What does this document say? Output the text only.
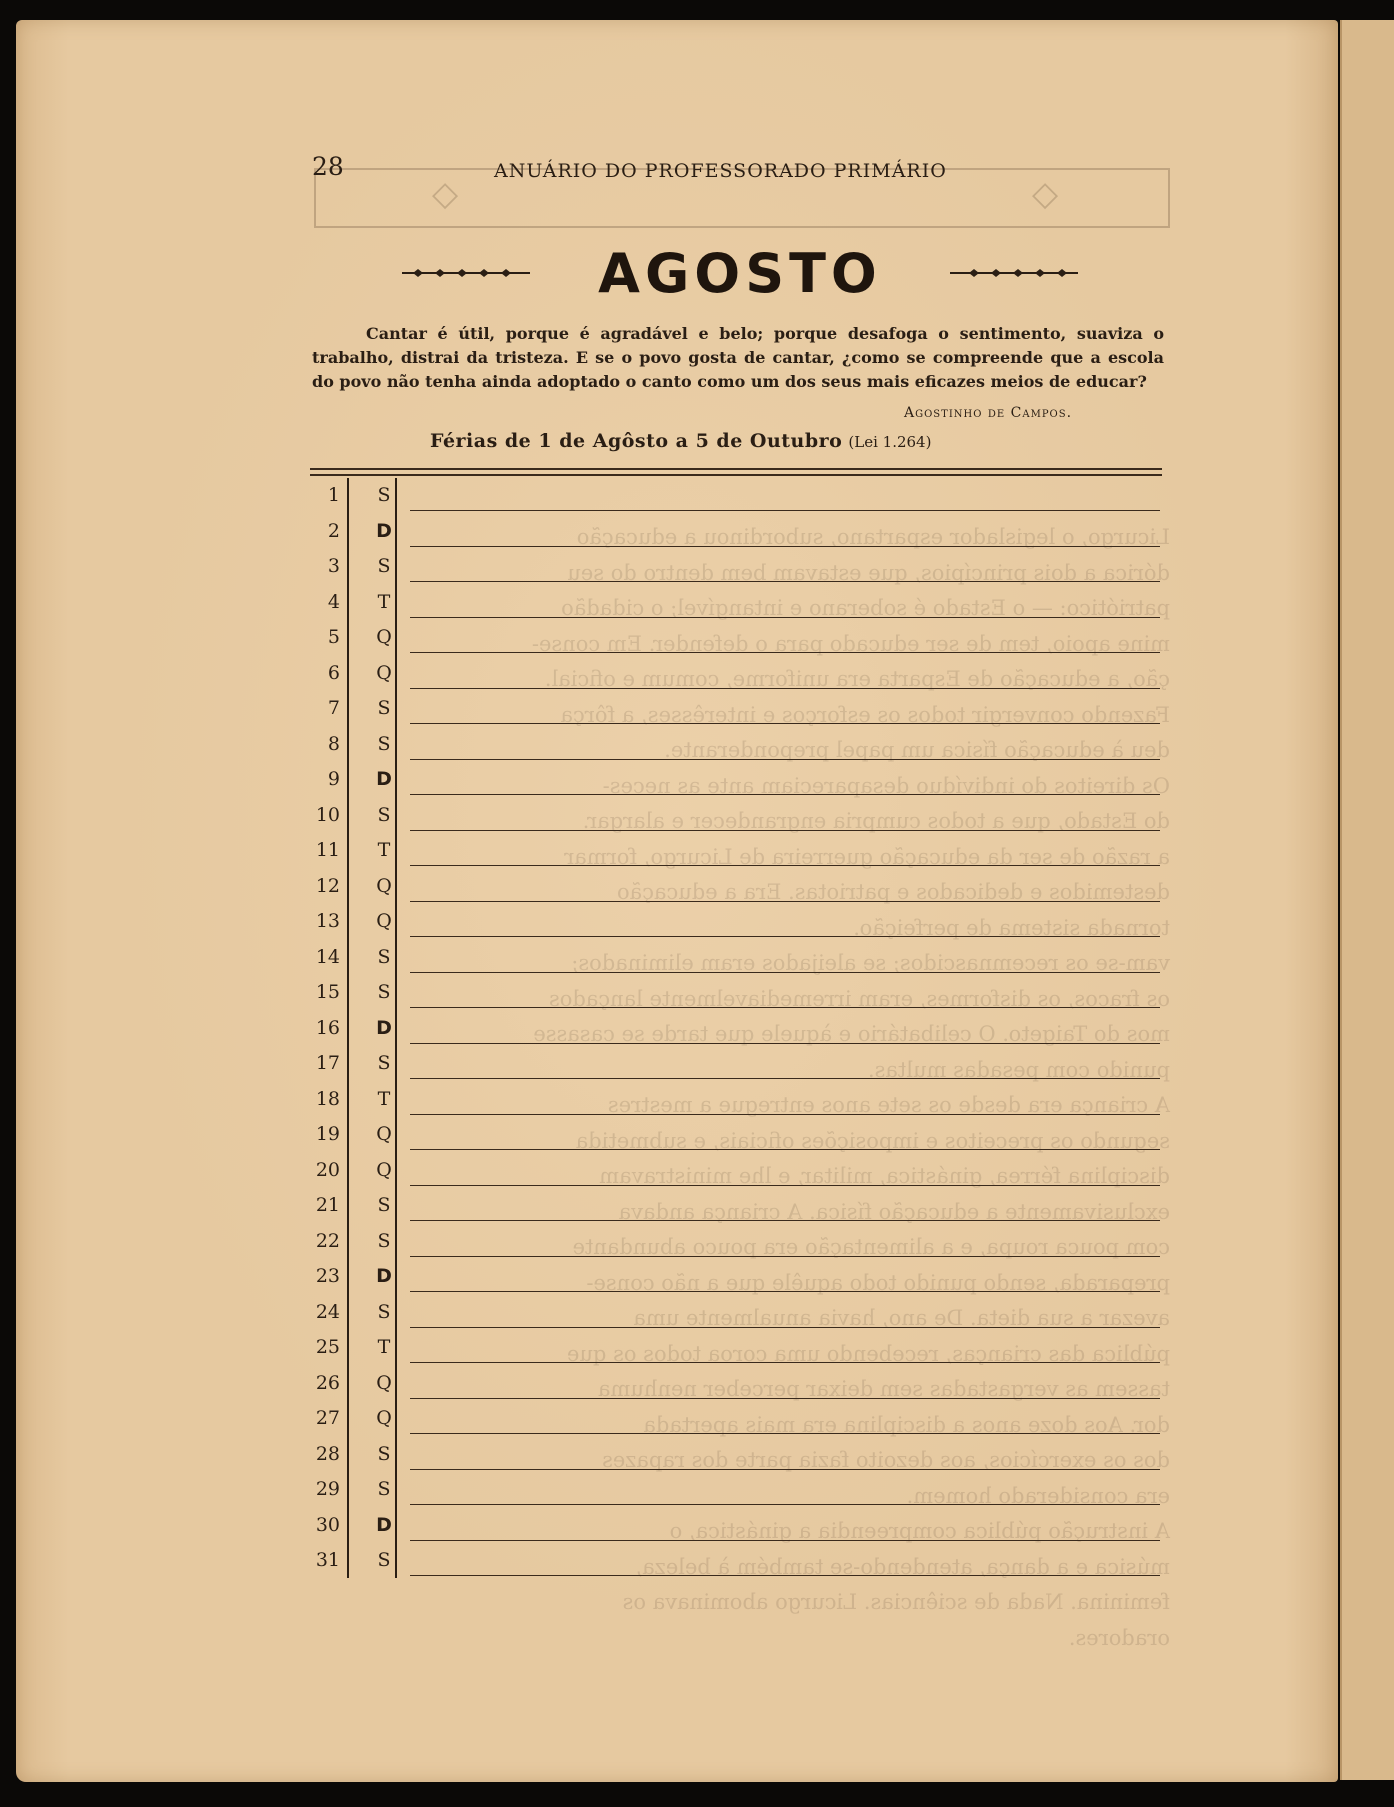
◇	◇
28	ANUÁRIO DO PROFESSORADO PRIMÁRIO
AGOSTO
Cantar é útil, porque é agradável e belo; porque desafoga o sentimento, suaviza o trabalho, distrai da tristeza. E se o povo gosta de cantar, ¿como se compreende que a escola do povo não tenha ainda adoptado o canto como um dos seus mais eficazes meios de educar?
Agostinho de Campos.
Férias de 1 de Agôsto a 5 de Outubro (Lei 1.264)
Licurgo, o legislador espartano, subordinou a educação
dórica a dois princípios, que estavam bem dentro do seu
patriótico: — o Estado é soberano e intangível; o cidadão
mine apoio, tem de ser educado para o defender. Em conse-
ção, a educação de Esparta era uniforme, comum e oficial.
Fazendo convergir todos os esforços e interêsses, a fôrça
deu à educação física um papel preponderante.
Os direitos do indivíduo desapareciam ante as neces-
do Estado, que a todos cumpria engrandecer e alargar.
a razão de ser da educação guerreira de Licurgo, formar
destemidos e dedicados e patriotas. Era a educação
tornada sistema de perfeição.
vam-se os recemnascidos; se aleijados eram eliminados;
os fracos, os disformes, eram irremediavelmente lançados
mos do Taigeto. O celibatário e àquele que tarde se casasse
punido com pesadas multas.
A criança era desde os sete anos entregue a mestres
segundo os preceitos e imposições oficiais, e submetida
disciplina férrea, ginástica, militar, e lhe ministravam
exclusivamente a educação física. A criança andava
com pouca roupa, e a alimentação era pouco abundante
preparada, sendo punido todo aquêle que a não conse-
avezar a sua dieta. De ano, havia anualmente uma
pública das crianças, recebendo uma coroa todos os que
tassem as vergastadas sem deixar perceber nenhuma
dor. Aos doze anos a disciplina era mais apertada
dos os exercícios, aos dezoito fazia parte dos rapazes
era considerado homem.
A instrução pública compreendia a ginástica, o
música e a dança, atendendo-se também à beleza,
feminina. Nada de sciências. Licurgo abominava os
oradores.
1	S
2	D
3	S
4	T
5	Q
6	Q
7	S
8	S
9	D
10	S
11	T
12	Q
13	Q
14	S
15	S
16	D
17	S
18	T
19	Q
20	Q
21	S
22	S
23	D
24	S
25	T
26	Q
27	Q
28	S
29	S
30	D
31	S
